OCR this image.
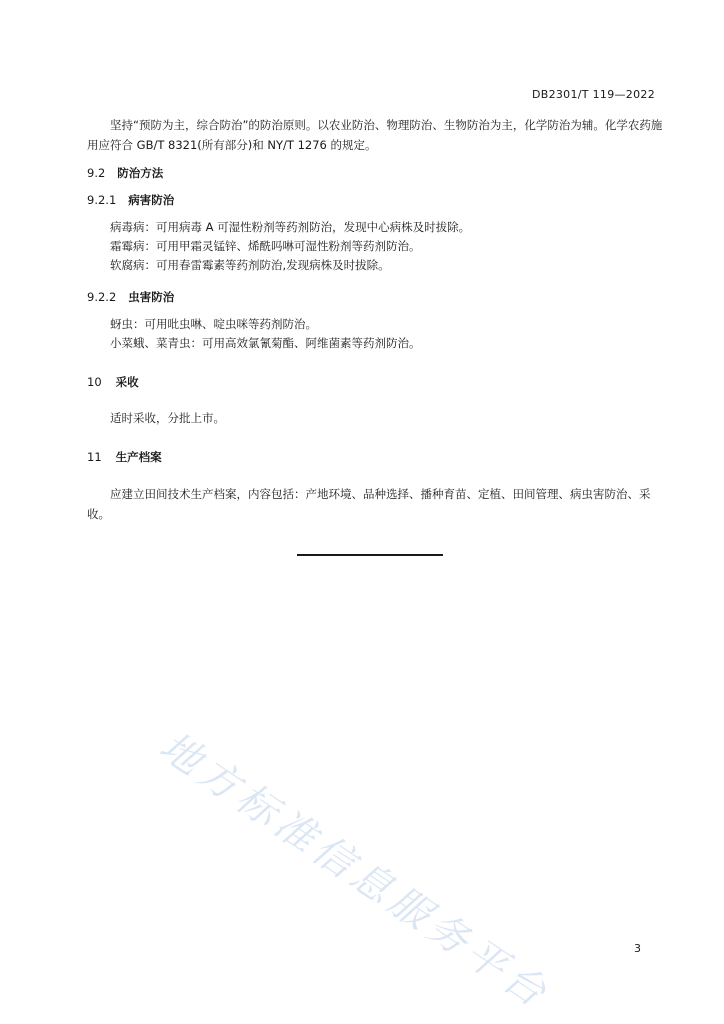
DB2301/T 119—2022

坚持“预防为主，综合防治”的防治原则。以农业防治、物理防治、生物防治为主，化学防治为辅。化学农药施用应符合 GB/T 8321(所有部分)和 NY/T 1276 的规定。

9.2 防治方法
9.2.1 病害防治
病毒病：可用病毒 A 可湿性粉剂等药剂防治，发现中心病株及时拔除。
霜霉病：可用甲霜灵锰锌、烯酰吗啉可湿性粉剂等药剂防治。
软腐病：可用春雷霉素等药剂防治,发现病株及时拔除。
9.2.2 虫害防治
蚜虫：可用吡虫啉、啶虫咪等药剂防治。
小菜蛾、菜青虫：可用高效氯氰菊酯、阿维菌素等药剂防治。
10 采收
适时采收，分批上市。
11 生产档案

应建立田间技术生产档案，内容包括：产地环境、品种选择、播种育苗、定植、田间管理、病虫害防治、采收。

地方标准信息服务平台	3
